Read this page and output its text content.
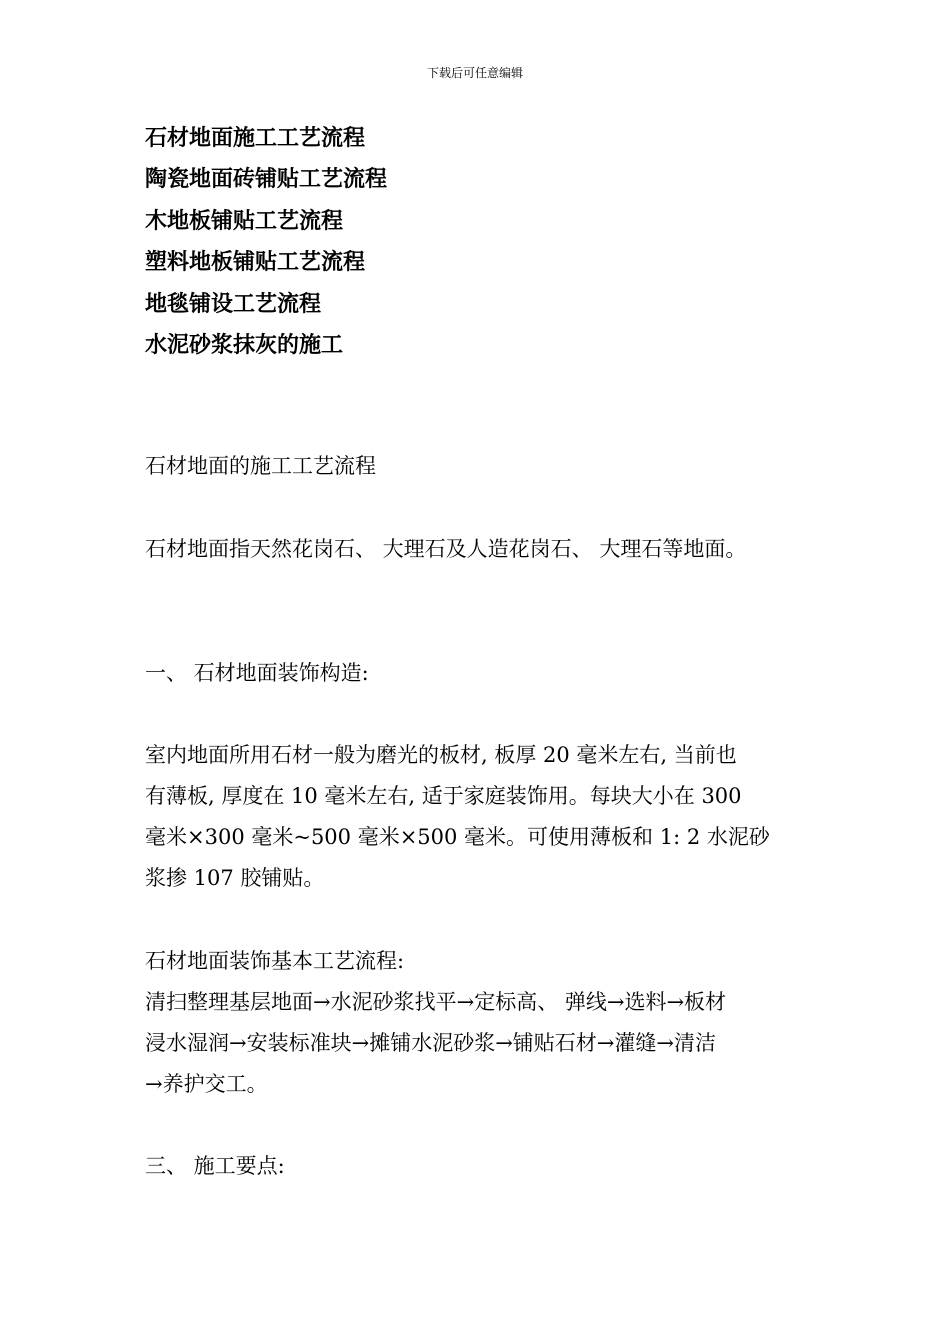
下载后可任意编辑
石材地面施工工艺流程
陶瓷地面砖铺贴工艺流程
木地板铺贴工艺流程
塑料地板铺贴工艺流程
地毯铺设工艺流程
水泥砂浆抹灰的施工
石材地面的施工工艺流程
石材地面指天然花岗石、 大理石及人造花岗石、 大理石等地面。
一、 石材地面装饰构造:
室内地面所用石材一般为磨光的板材, 板厚 20 毫米左右, 当前也
有薄板, 厚度在 10 毫米左右, 适于家庭装饰用。每块大小在 300
毫米×300 毫米~500 毫米×500 毫米。可使用薄板和 1: 2 水泥砂
浆掺 107 胶铺贴。
石材地面装饰基本工艺流程:
清扫整理基层地面→水泥砂浆找平→定标高、 弹线→选料→板材
浸水湿润→安装标准块→摊铺水泥砂浆→铺贴石材→灌缝→清洁
→养护交工。
三、 施工要点:
